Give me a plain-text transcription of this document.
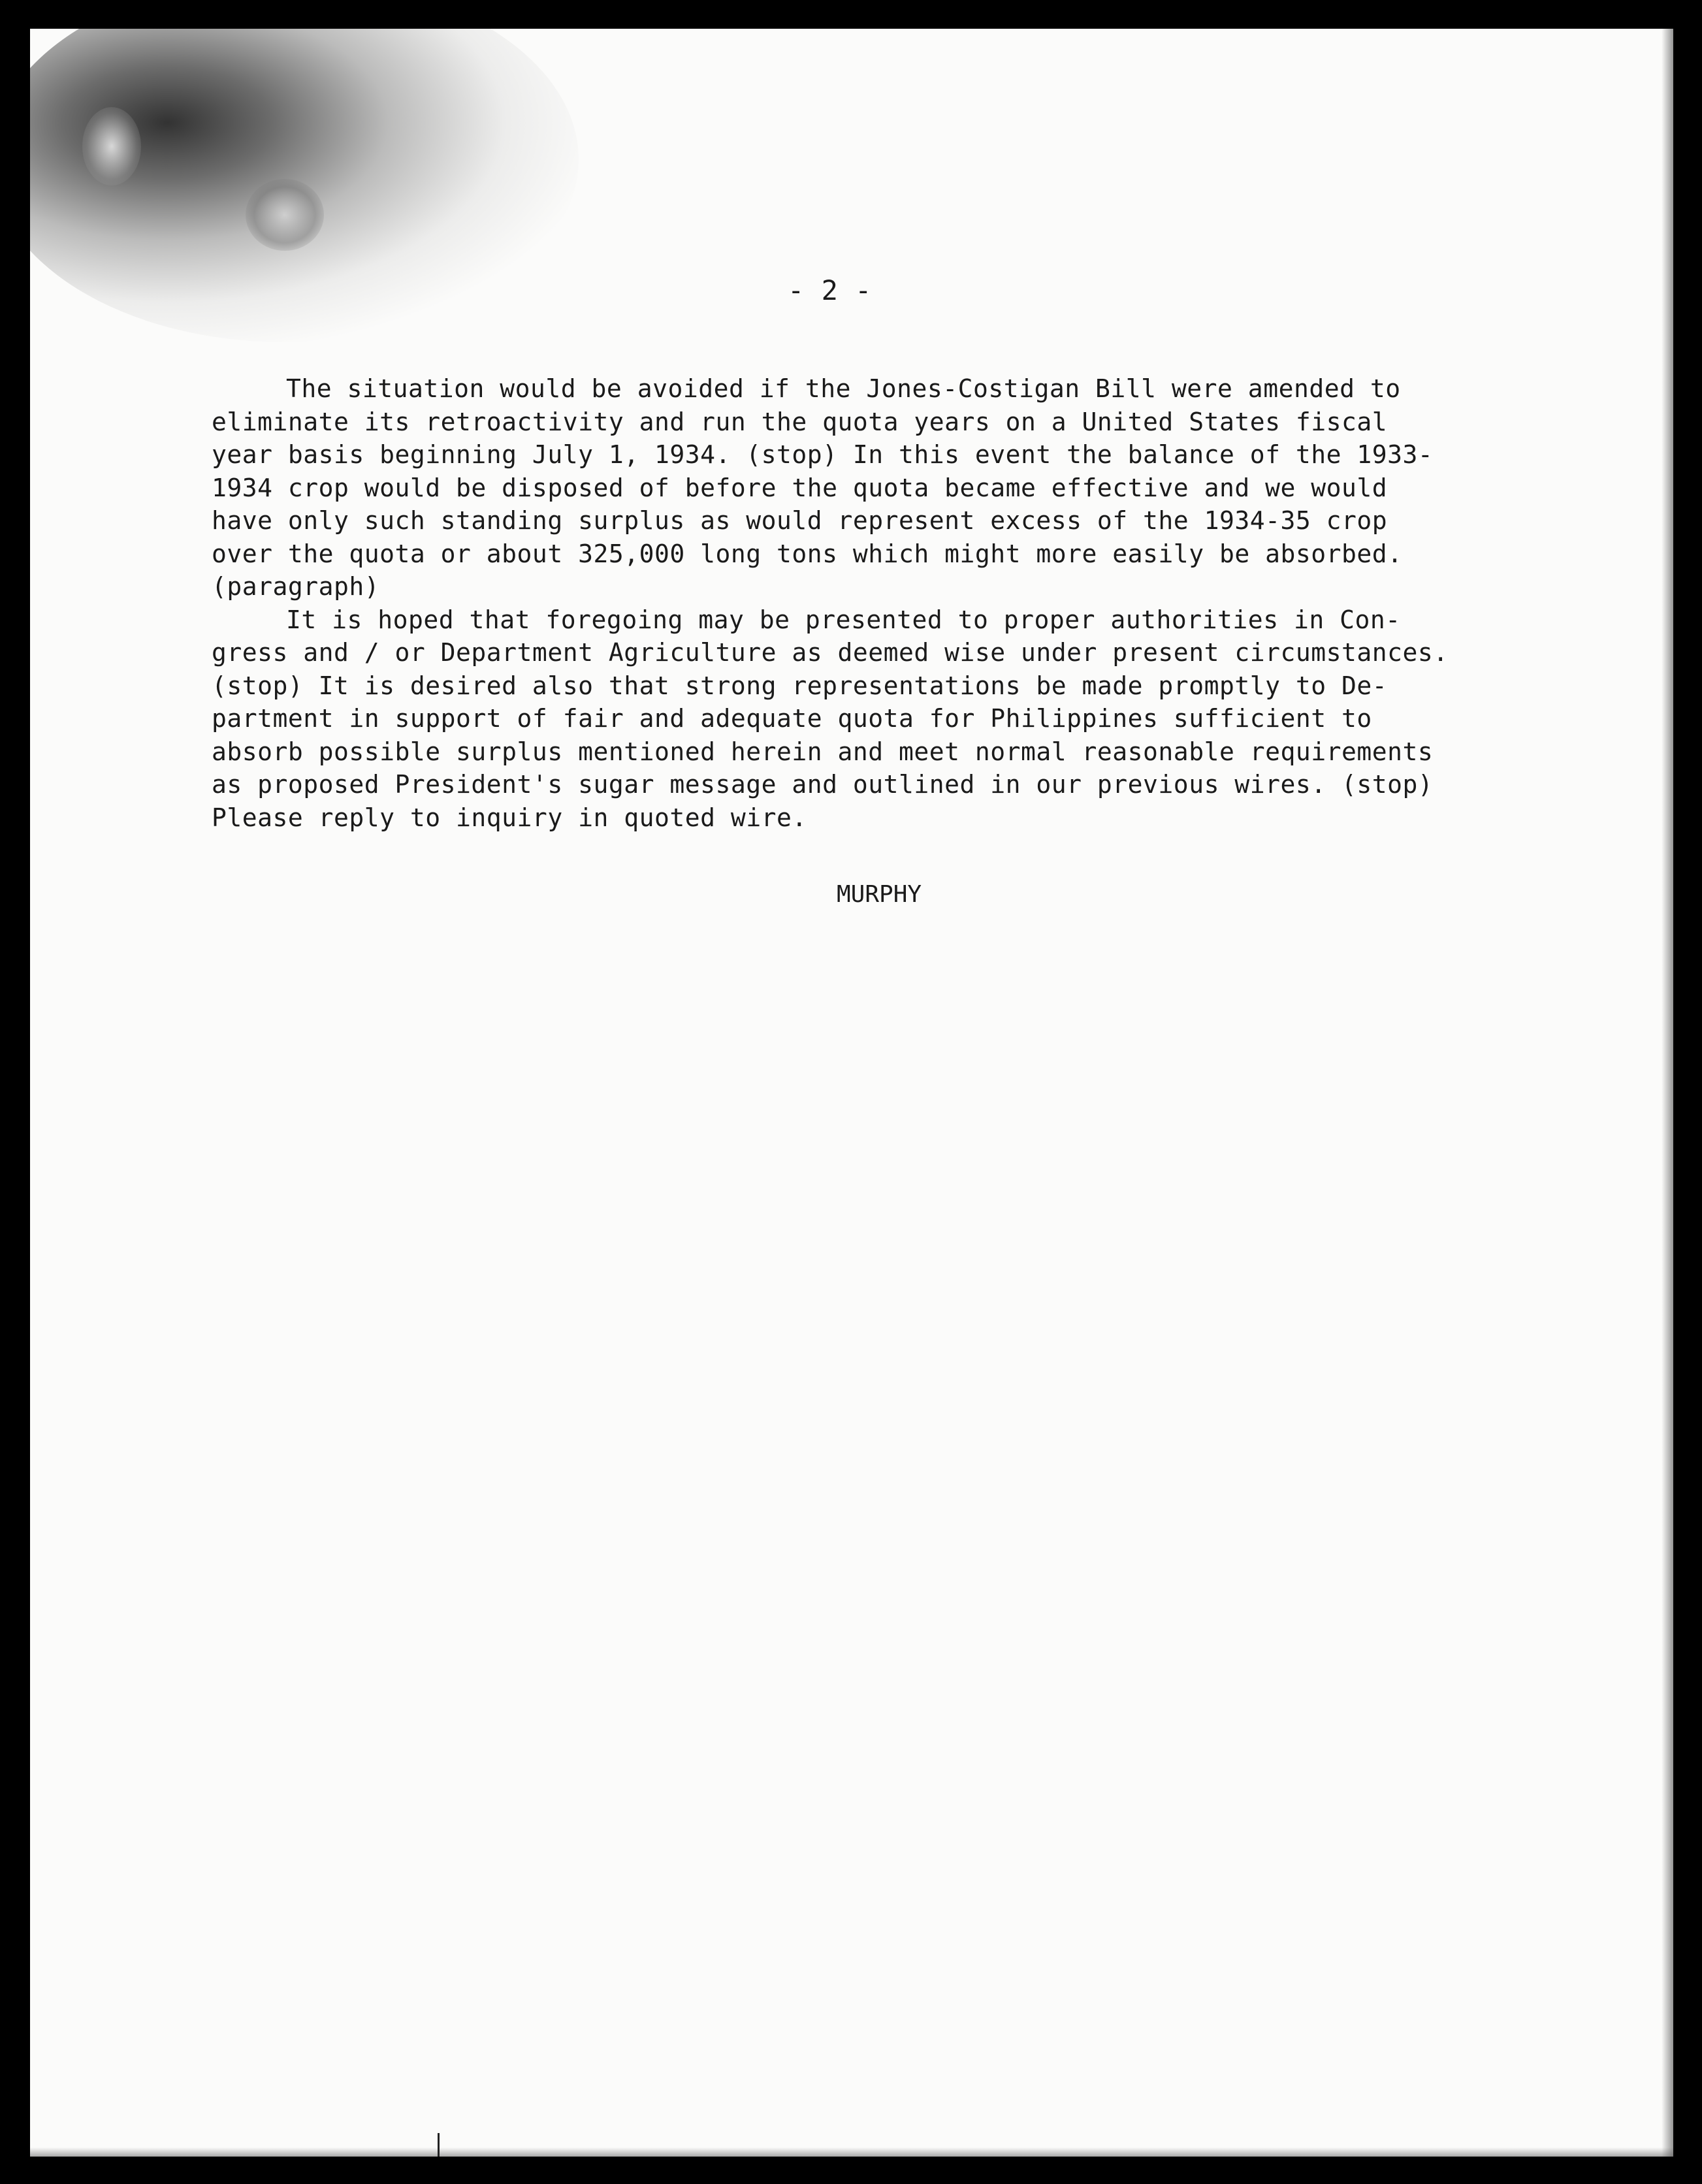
- 2 -
The situation would be avoided if the Jones-Costigan Bill were amended to
eliminate its retroactivity and run the quota years on a United States fiscal
year basis beginning July 1, 1934. (stop) In this event the balance of the 1933-
1934 crop would be disposed of before the quota became effective and we would
have only such standing surplus as would represent excess of the 1934-35 crop
over the quota or about 325,000 long tons which might more easily be absorbed.
(paragraph)
It is hoped that foregoing may be presented to proper authorities in Con-
gress and / or Department Agriculture as deemed wise under present circumstances.
(stop) It is desired also that strong representations be made promptly to De-
partment in support of fair and adequate quota for Philippines sufficient to
absorb possible surplus mentioned herein and meet normal reasonable requirements
as proposed President's sugar message and outlined in our previous wires. (stop)
Please reply to inquiry in quoted wire.
MURPHY
